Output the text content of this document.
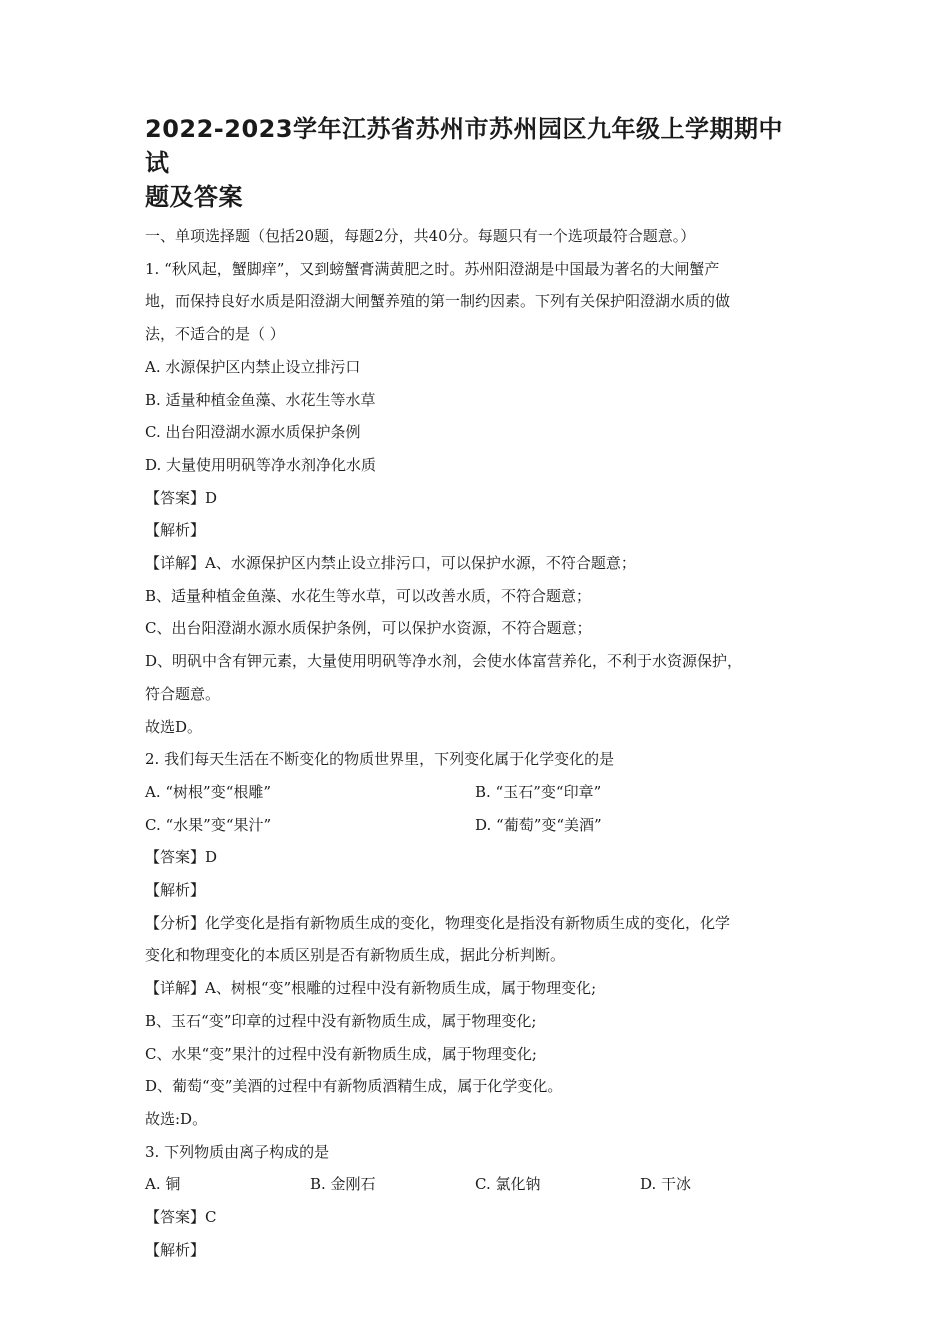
2022-2023学年江苏省苏州市苏州园区九年级上学期期中试
题及答案
一、单项选择题（包括20题，每题2分，共40分。每题只有一个选项最符合题意。）
1. “秋风起，蟹脚痒”，又到螃蟹膏满黄肥之时。苏州阳澄湖是中国最为著名的大闸蟹产
地，而保持良好水质是阳澄湖大闸蟹养殖的第一制约因素。下列有关保护阳澄湖水质的做
法，不适合的是（ ）
A. 水源保护区内禁止设立排污口
B. 适量种植金鱼藻、水花生等水草
C. 出台阳澄湖水源水质保护条例
D. 大量使用明矾等净水剂净化水质
【答案】D
【解析】
【详解】A、水源保护区内禁止设立排污口，可以保护水源，不符合题意；
B、适量种植金鱼藻、水花生等水草，可以改善水质，不符合题意；
C、出台阳澄湖水源水质保护条例，可以保护水资源，不符合题意；
D、明矾中含有钾元素，大量使用明矾等净水剂，会使水体富营养化，不利于水资源保护，
符合题意。
故选D。
2. 我们每天生活在不断变化的物质世界里，下列变化属于化学变化的是
A. “树根”变“根雕”	B. “玉石”变“印章”
C. “水果”变“果汁”	D. “葡萄”变“美酒”
【答案】D
【解析】
【分析】化学变化是指有新物质生成的变化，物理变化是指没有新物质生成的变化，化学
变化和物理变化的本质区别是否有新物质生成，据此分析判断。
【详解】A、树根“变”根雕的过程中没有新物质生成，属于物理变化;
B、玉石“变”印章的过程中没有新物质生成，属于物理变化;
C、水果“变”果汁的过程中没有新物质生成，属于物理变化;
D、葡萄“变”美酒的过程中有新物质酒精生成，属于化学变化。
故选:D。
3. 下列物质由离子构成的是
A. 铜	B. 金刚石	C. 氯化钠	D. 干冰
【答案】C
【解析】
